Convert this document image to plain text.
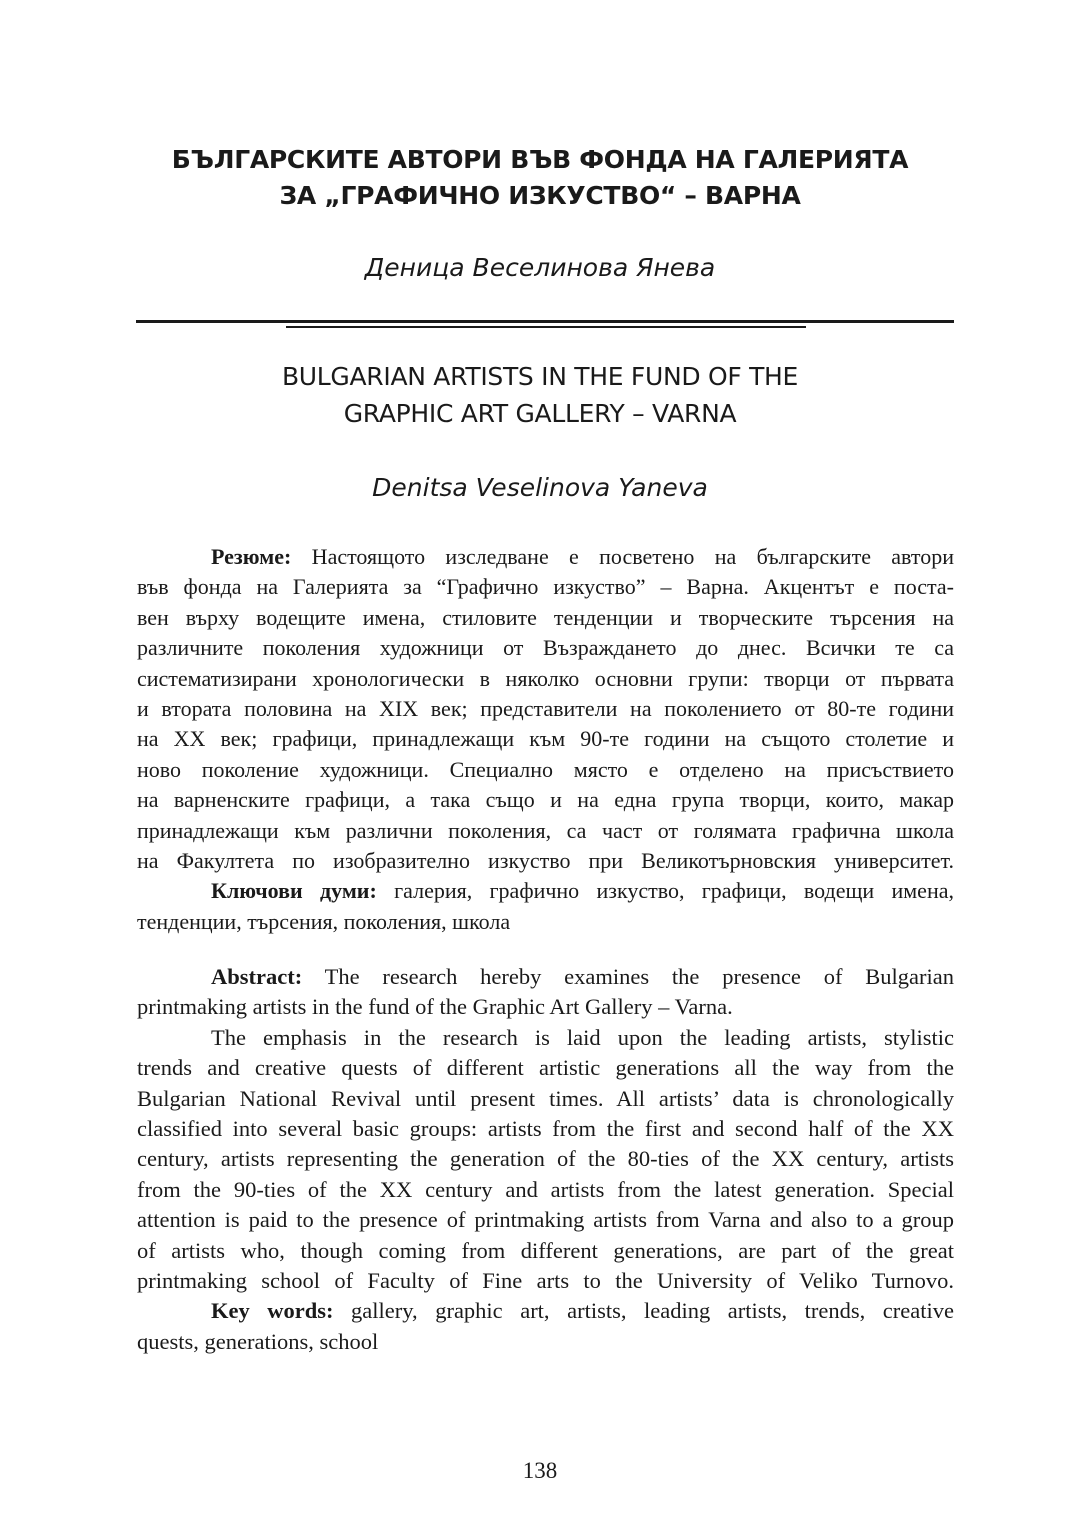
БЪЛГАРСКИТЕ АВТОРИ ВЪВ ФОНДА НА ГАЛЕРИЯТА
ЗА „ГРАФИЧНО ИЗКУСТВО“ – ВАРНА
Деница Веселинова Янева
BULGARIAN ARTISTS IN THE FUND OF THE
GRAPHIC ART GALLERY – VARNA
Denitsa Veselinova Yaneva
Резюме: Настоящото изследване е посветено на българските автори
във фонда на Галерията за “Графично изкуство” – Варна. Акцентът е поста-
вен върху водещите имена, стиловите тенденции и творческите търсения на
различните поколения художници от Възраждането до днес. Всички те са
систематизирани хронологически в няколко основни групи: творци от първата
и втората половина на XIX век; представители на поколението от 80-те години
на XX век; графици, принадлежащи към 90-те години на същото столетие и
ново поколение художници. Специално място е отделено на присъствието
на варненските графици, а така също и на една група творци, които, макар
принадлежащи към различни поколения, са част от голямата графична школа
на Факултета по изобразително изкуство при Великотърновския университет.
Ключови думи: галерия, графично изкуство, графици, водещи имена,
тенденции, търсения, поколения, школа
Abstract: The research hereby examines the presence of Bulgarian
printmaking artists in the fund of the Graphic Art Gallery – Varna.
The emphasis in the research is laid upon the leading artists, stylistic
trends and creative quests of different artistic generations all the way from the
Bulgarian National Revival until present times. All artists’ data is chronologically
classified into several basic groups: artists from the first and second half of the XX
century, artists representing the generation of the 80-ties of the XX century, artists
from the 90-ties of the XX century and artists from the latest generation. Special
attention is paid to the presence of printmaking artists from Varna and also to a group
of artists who, though coming from different generations, are part of the great
printmaking school of Faculty of Fine arts to the University of Veliko Turnovo.
Key words: gallery, graphic art, artists, leading artists, trends, creative
quests, generations, school
138
